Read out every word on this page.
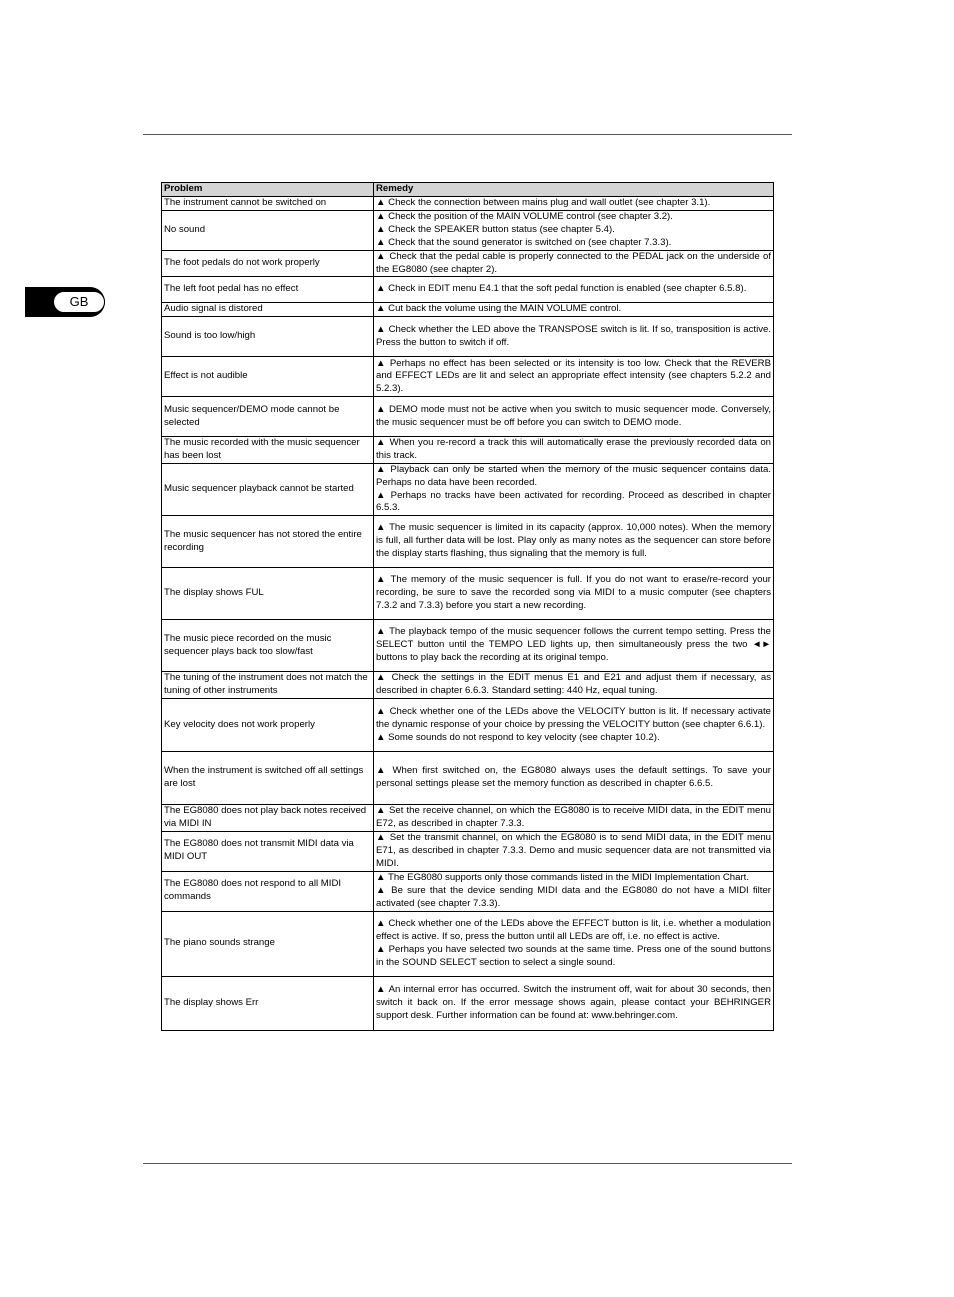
GB
Problem	Remedy
The instrument cannot be switched on	▲ Check the connection between mains plug and wall outlet (see chapter 3.1).

No sound	▲ Check the position of the MAIN VOLUME control (see chapter 3.2).
▲ Check the SPEAKER button status (see chapter 5.4).
▲ Check that the sound generator is switched on (see chapter 7.3.3).

The foot pedals do not work properly	▲ Check that the pedal cable is properly connected to the PEDAL jack on the underside of the EG8080 (see chapter 2).

The left foot pedal has no effect	▲ Check in EDIT menu E4.1 that the soft pedal function is enabled (see chapter 6.5.8).

Audio signal is distored	▲ Cut back the volume using the MAIN VOLUME control.

Sound is too low/high	▲ Check whether the LED above the TRANSPOSE switch is lit. If so, transposition is active. Press the button to switch if off.

Effect is not audible	▲ Perhaps no effect has been selected or its intensity is too low. Check that the REVERB and EFFECT LEDs are lit and select an appropriate effect intensity (see chapters 5.2.2 and 5.2.3).

Music sequencer/DEMO mode cannot be selected	▲ DEMO mode must not be active when you switch to music sequencer mode. Conversely, the music sequencer must be off before you can switch to DEMO mode.

The music recorded with the music sequencer has been lost	▲ When you re-record a track this will automatically erase the previously recorded data on this track.

Music sequencer playback cannot be started	▲ Playback can only be started when the memory of the music sequencer contains data. Perhaps no data have been recorded.
▲ Perhaps no tracks have been activated for recording. Proceed as described in chapter 6.5.3.

The music sequencer has not stored the entire recording	▲ The music sequencer is limited in its capacity (approx. 10,000 notes). When the memory is full, all further data will be lost. Play only as many notes as the sequencer can store before the display starts flashing, thus signaling that the memory is full.

The display shows FUL	▲ The memory of the music sequencer is full. If you do not want to erase/re-record your recording, be sure to save the recorded song via MIDI to a music computer (see chapters 7.3.2 and 7.3.3) before you start a new recording.

The music piece recorded on the music sequencer plays back too slow/fast	▲ The playback tempo of the music sequencer follows the current tempo setting. Press the SELECT button until the TEMPO LED lights up, then simultaneously press the two ◄► buttons to play back the recording at its original tempo.

The tuning of the instrument does not match the tuning of other instruments	▲ Check the settings in the EDIT menus E1 and E21 and adjust them if necessary, as described in chapter 6.6.3. Standard setting: 440 Hz, equal tuning.

Key velocity does not work properly	▲ Check whether one of the LEDs above the VELOCITY button is lit. If necessary activate the dynamic response of your choice by pressing the VELOCITY button (see chapter 6.6.1).
▲ Some sounds do not respond to key velocity (see chapter 10.2).

When the instrument is switched off all settings are lost	▲ When first switched on, the EG8080 always uses the default settings. To save your personal settings please set the memory function as described in chapter 6.6.5.

The EG8080 does not play back notes received via MIDI IN	▲ Set the receive channel, on which the EG8080 is to receive MIDI data, in the EDIT menu E72, as described in chapter 7.3.3.

The EG8080 does not transmit MIDI data via MIDI OUT	▲ Set the transmit channel, on which the EG8080 is to send MIDI data, in the EDIT menu E71, as described in chapter 7.3.3. Demo and music sequencer data are not transmitted via MIDI.

The EG8080 does not respond to all MIDI commands	▲ The EG8080 supports only those commands listed in the MIDI Implementation Chart.
▲ Be sure that the device sending MIDI data and the EG8080 do not have a MIDI filter activated (see chapter 7.3.3).

The piano sounds strange	▲ Check whether one of the LEDs above the EFFECT button is lit, i.e. whether a modulation effect is active. If so, press the button until all LEDs are off, i.e. no effect is active.
▲ Perhaps you have selected two sounds at the same time. Press one of the sound buttons in the SOUND SELECT section to select a single sound.

The display shows Err	▲ An internal error has occurred. Switch the instrument off, wait for about 30 seconds, then switch it back on. If the error message shows again, please contact your BEHRINGER support desk. Further information can be found at: www.behringer.com.
